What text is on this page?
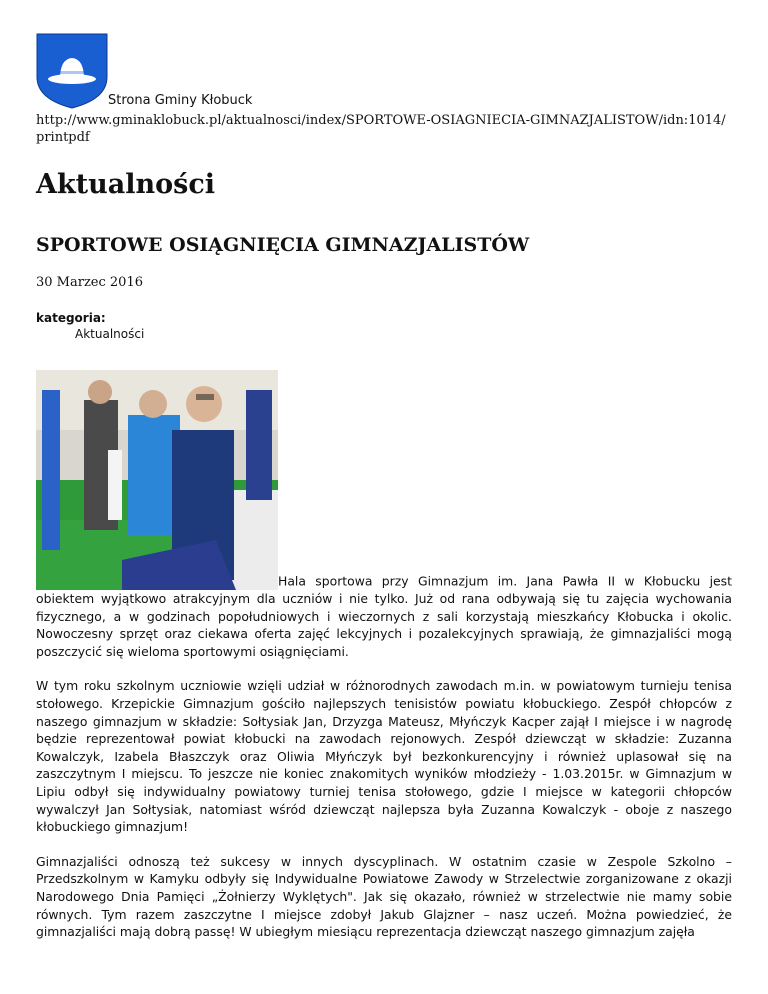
Strona Gminy Kłobuck
http://www.gminaklobuck.pl/aktualnosci/index/SPORTOWE-OSIAGNIECIA-GIMNAZJALISTOW/idn:1014/printpdf
Aktualności
SPORTOWE OSIĄGNIĘCIA GIMNAZJALISTÓW
30 Marzec 2016
kategoria:
Aktualności

Hala sportowa przy Gimnazjum im. Jana Pawła II w Kłobucku jest obiektem wyjątkowo atrakcyjnym dla uczniów i nie tylko. Już od rana odbywają się tu zajęcia wychowania fizycznego, a w godzinach popołudniowych i wieczornych z sali korzystają mieszkańcy Kłobucka i okolic. Nowoczesny sprzęt oraz ciekawa oferta zajęć lekcyjnych i pozalekcyjnych sprawiają, że gimnazjaliści mogą poszczycić się wieloma sportowymi osiągnięciami.

W tym roku szkolnym uczniowie wzięli udział w różnorodnych zawodach m.in. w powiatowym turnieju tenisa stołowego. Krzepickie Gimnazjum gościło najlepszych tenisistów powiatu kłobuckiego. Zespół chłopców z naszego gimnazjum w składzie: Sołtysiak Jan, Drzyzga Mateusz, Młyńczyk Kacper zajął I miejsce i w nagrodę będzie reprezentował powiat kłobucki na zawodach rejonowych. Zespół dziewcząt w składzie: Zuzanna Kowalczyk, Izabela Błaszczyk oraz Oliwia Młyńczyk był bezkonkurencyjny i również uplasował się na zaszczytnym I miejscu. To jeszcze nie koniec znakomitych wyników młodzieży - 1.03.2015r. w Gimnazjum w Lipiu odbył się indywidualny powiatowy turniej tenisa stołowego, gdzie I miejsce w kategorii chłopców wywalczył Jan Sołtysiak, natomiast wśród dziewcząt najlepsza była Zuzanna Kowalczyk - oboje z naszego kłobuckiego gimnazjum!

Gimnazjaliści odnoszą też sukcesy w innych dyscyplinach. W ostatnim czasie w Zespole Szkolno – Przedszkolnym w Kamyku odbyły się Indywidualne Powiatowe Zawody w Strzelectwie zorganizowane z okazji Narodowego Dnia Pamięci „Żołnierzy Wyklętych". Jak się okazało, również w strzelectwie nie mamy sobie równych. Tym razem zaszczytne I miejsce zdobył Jakub Glajzner – nasz uczeń. Można powiedzieć, że gimnazjaliści mają dobrą passę! W ubiegłym miesiącu reprezentacja dziewcząt naszego gimnazjum zajęła
